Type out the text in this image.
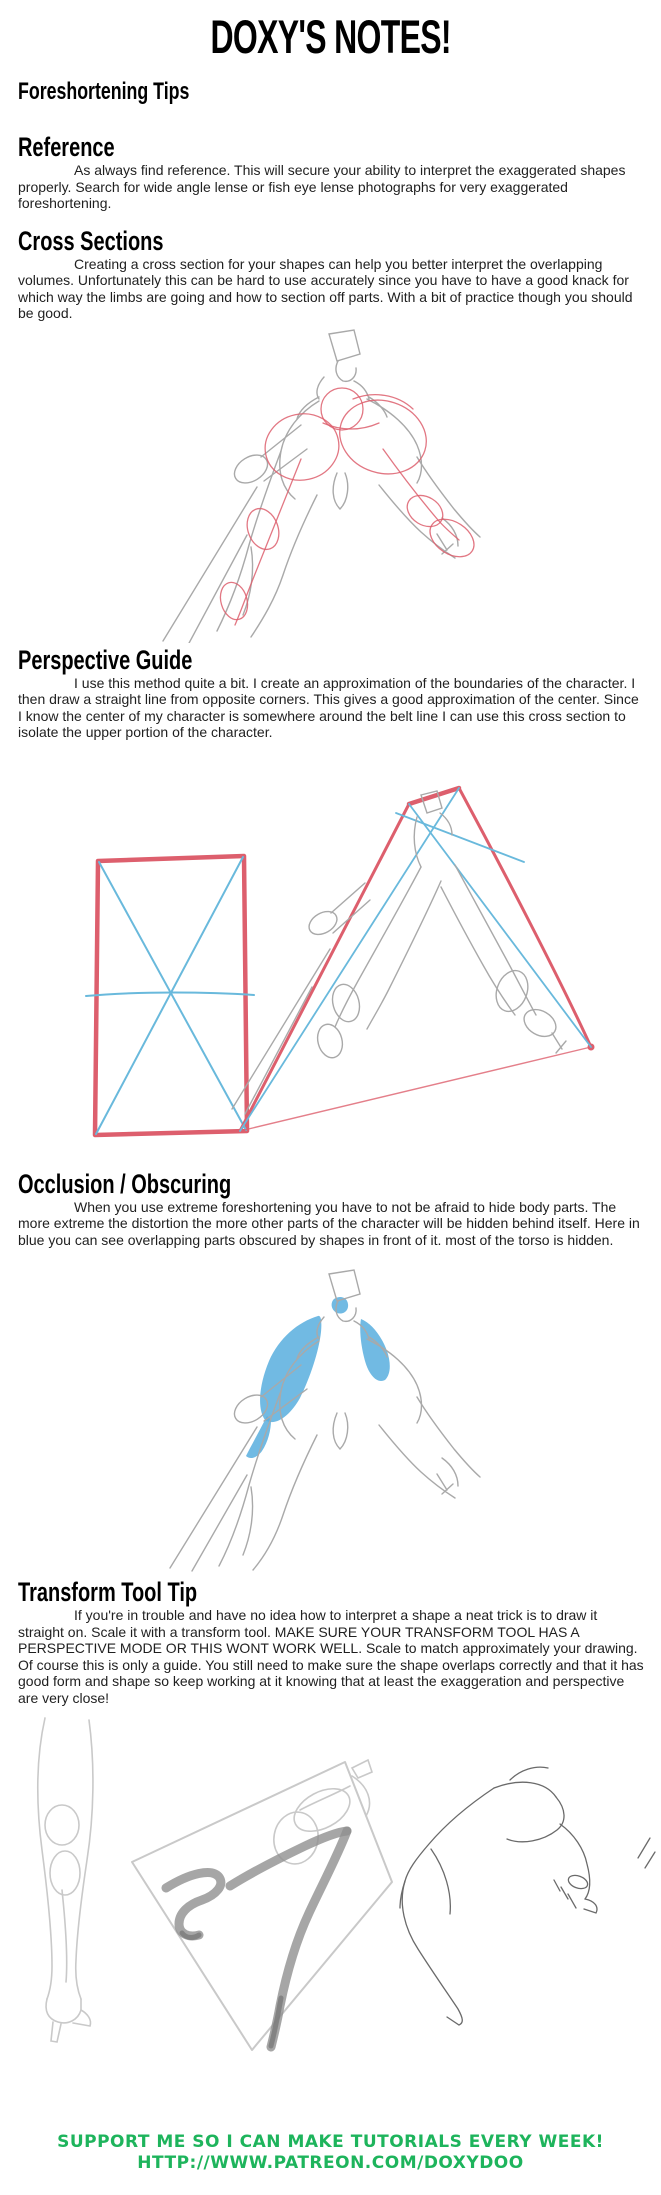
DOXY'S NOTES!
Foreshortening Tips
Reference

As always find reference. This will secure your ability to interpret the exaggerated shapes properly. Search for wide angle lense or fish eye lense photographs for very exaggerated foreshortening.

Cross Sections

Creating a cross section for your shapes can help you better interpret the overlapping volumes. Unfortunately this can be hard to use accurately since you have to have a good knack for which way the limbs are going and how to section off parts. With a bit of practice though you should be good.

Perspective Guide

I use this method quite a bit. I create an approximation of the boundaries of the character. I then draw a straight line from opposite corners. This gives a good approximation of the center. Since I know the center of my character is somewhere around the belt line I can use this cross section to isolate the upper portion of the character.

Occlusion / Obscuring

When you use extreme foreshortening you have to not be afraid to hide body parts. The more extreme the distortion the more other parts of the character will be hidden behind itself. Here in blue you can see overlapping parts obscured by shapes in front of it. most of the torso is hidden.

Transform Tool Tip

If you're in trouble and have no idea how to interpret a shape a neat trick is to draw it straight on. Scale it with a transform tool. MAKE SURE YOUR TRANSFORM TOOL HAS A PERSPECTIVE MODE OR THIS WONT WORK WELL. Scale to match approximately your drawing. Of course this is only a guide. You still need to make sure the shape overlaps correctly and that it has good form and shape so keep working at it knowing that at least the exaggeration and perspective are very close!

SUPPORT ME SO I CAN MAKE TUTORIALS EVERY WEEK!
HTTP://WWW.PATREON.COM/DOXYDOO
